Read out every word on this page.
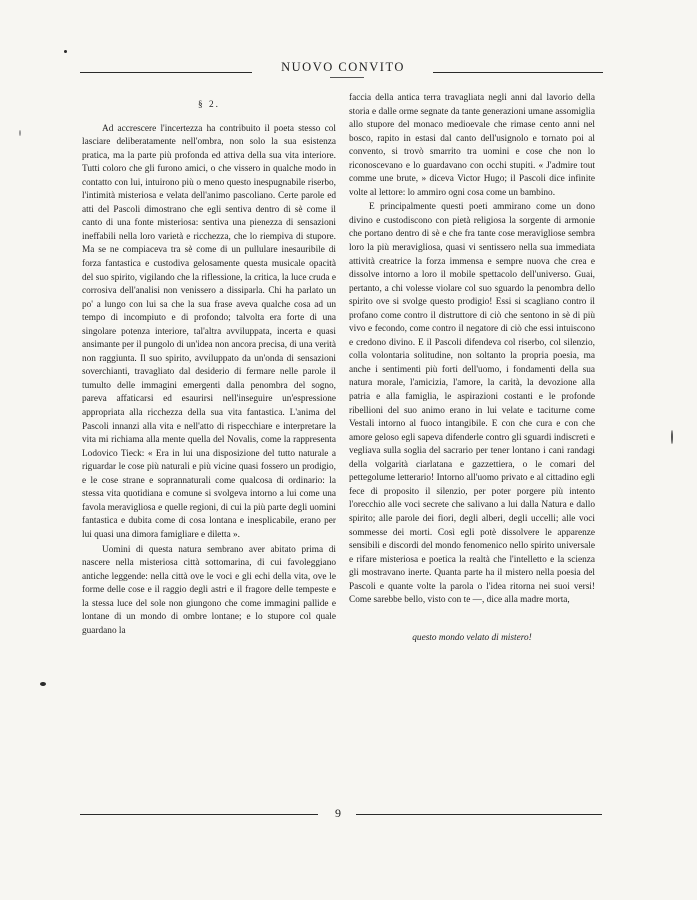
NUOVO CONVITO
§ 2.

Ad accrescere l'incertezza ha contribuito il poeta stesso col lasciare deliberatamente nell'ombra, non solo la sua esistenza pratica, ma la parte più profonda ed attiva della sua vita interiore. Tutti coloro che gli furono amici, o che vissero in qualche modo in contatto con lui, intuirono più o meno questo inespugnabile riserbo, l'intimità misteriosa e velata dell'animo pascoliano. Certe parole ed atti del Pascoli dimostrano che egli sentiva dentro di sè come il canto di una fonte misteriosa: sentiva una pienezza di sensazioni ineffabili nella loro varietà e ricchezza, che lo riempiva di stupore. Ma se ne compiaceva tra sè come di un pullulare inesauribile di forza fantastica e custodiva gelosamente questa musicale opacità del suo spirito, vigilando che la riflessione, la critica, la luce cruda e corrosiva dell'analisi non venissero a dissiparla. Chi ha parlato un po' a lungo con lui sa che la sua frase aveva qualche cosa ad un tempo di incompiuto e di profondo; talvolta era forte di una singolare potenza interiore, tal'altra avviluppata, incerta e quasi ansimante per il pungolo di un'idea non ancora precisa, di una verità non raggiunta. Il suo spirito, avviluppato da un'onda di sensazioni soverchianti, travagliato dal desiderio di fermare nelle parole il tumulto delle immagini emergenti dalla penombra del sogno, pareva affaticarsi ed esaurirsi nell'inseguire un'espressione appropriata alla ricchezza della sua vita fantastica. L'anima del Pascoli innanzi alla vita e nell'atto di rispecchiare e interpretare la vita mi richiama alla mente quella del Novalis, come la rappresenta Lodovico Tieck: « Era in lui una disposizione del tutto naturale a riguardar le cose più naturali e più vicine quasi fossero un prodigio, e le cose strane e soprannaturali come qualcosa di ordinario: la stessa vita quotidiana e comune si svolgeva intorno a lui come una favola meravigliosa e quelle regioni, di cui la più parte degli uomini fantastica e dubita come di cosa lontana e inesplicabile, erano per lui quasi una dimora famigliare e diletta ».

Uomini di questa natura sembrano aver abitato prima di nascere nella misteriosa città sottomarina, di cui favoleggiano antiche leggende: nella città ove le voci e gli echi della vita, ove le forme delle cose e il raggio degli astri e il fragore delle tempeste e la stessa luce del sole non giungono che come immagini pallide e lontane di un mondo di ombre lontane; e lo stupore col quale guardano la

faccia della antica terra travagliata negli anni dal lavorio della storia e dalle orme segnate da tante generazioni umane assomiglia allo stupore del monaco medioevale che rimase cento anni nel bosco, rapito in estasi dal canto dell'usignolo e tornato poi al convento, si trovò smarrito tra uomini e cose che non lo riconoscevano e lo guardavano con occhi stupiti. « J'admire tout comme une brute, » diceva Victor Hugo; il Pascoli dice infinite volte al lettore: lo ammiro ogni cosa come un bambino.

E principalmente questi poeti ammirano come un dono divino e custodiscono con pietà religiosa la sorgente di armonie che portano dentro di sè e che fra tante cose meravigliose sembra loro la più meravigliosa, quasi vi sentissero nella sua immediata attività creatrice la forza immensa e sempre nuova che crea e dissolve intorno a loro il mobile spettacolo dell'universo. Guai, pertanto, a chi volesse violare col suo sguardo la penombra dello spirito ove si svolge questo prodigio! Essi si scagliano contro il profano come contro il distruttore di ciò che sentono in sè di più vivo e fecondo, come contro il negatore di ciò che essi intuiscono e credono divino. E il Pascoli difendeva col riserbo, col silenzio, colla volontaria solitudine, non soltanto la propria poesia, ma anche i sentimenti più forti dell'uomo, i fondamenti della sua natura morale, l'amicizia, l'amore, la carità, la devozione alla patria e alla famiglia, le aspirazioni costanti e le profonde ribellioni del suo animo erano in lui velate e taciturne come Vestali intorno al fuoco intangibile. E con che cura e con che amore geloso egli sapeva difenderle contro gli sguardi indiscreti e vegliava sulla soglia del sacrario per tener lontano i cani randagi della volgarità ciarlatana e gazzettiera, o le comari del pettegolume letterario! Intorno all'uomo privato e al cittadino egli fece di proposito il silenzio, per poter porgere più intento l'orecchio alle voci secrete che salivano a lui dalla Natura e dallo spirito; alle parole dei fiori, degli alberi, degli uccelli; alle voci sommesse dei morti. Così egli potè dissolvere le apparenze sensibili e discordi del mondo fenomenico nello spirito universale e rifare misteriosa e poetica la realtà che l'intelletto e la scienza gli mostravano inerte. Quanta parte ha il mistero nella poesia del Pascoli e quante volte la parola o l'idea ritorna nei suoi versi! Come sarebbe bello, visto con te —, dice alla madre morta,

questo mondo velato di mistero!

9
